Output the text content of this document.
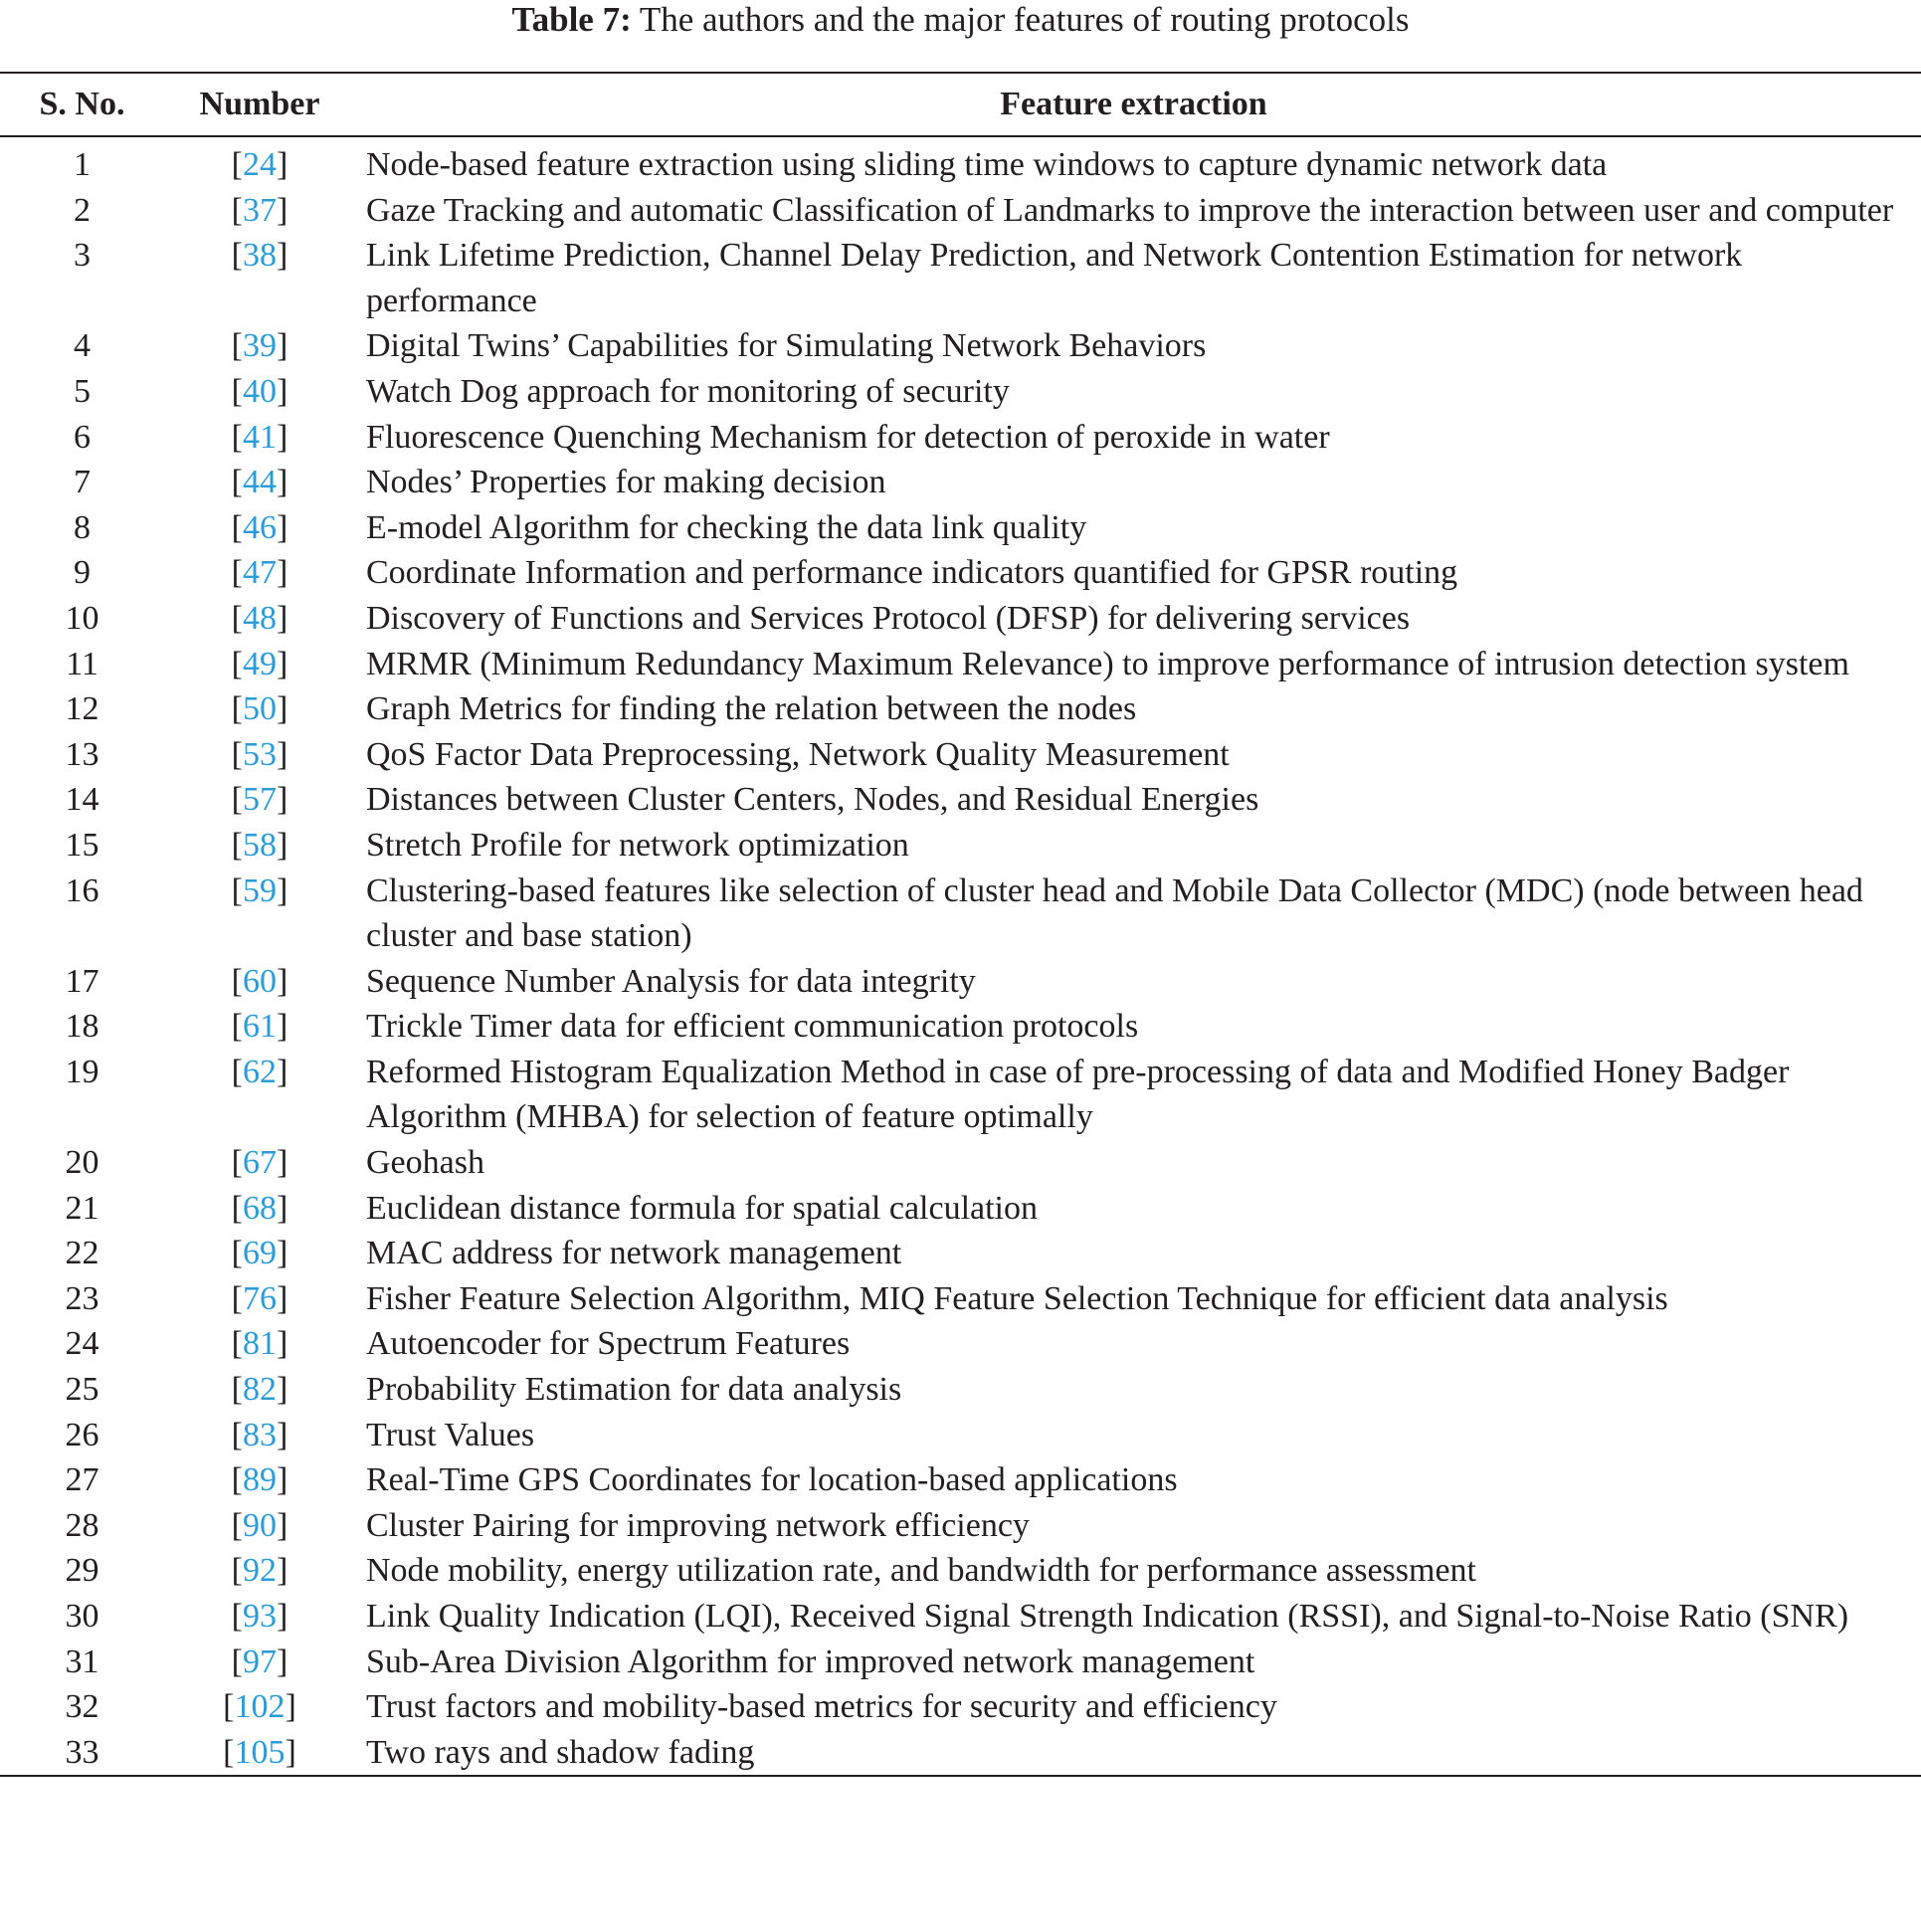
Table 7: The authors and the major features of routing protocols
S. No.	Number	Feature extraction
1	[24]	Node-based feature extraction using sliding time windows to capture dynamic network data
2	[37]	Gaze Tracking and automatic Classification of Landmarks to improve the interaction between user and computer
3	[38]	Link Lifetime Prediction, Channel Delay Prediction, and Network Contention Estimation for network performance
4	[39]	Digital Twins’ Capabilities for Simulating Network Behaviors
5	[40]	Watch Dog approach for monitoring of security
6	[41]	Fluorescence Quenching Mechanism for detection of peroxide in water
7	[44]	Nodes’ Properties for making decision
8	[46]	E-model Algorithm for checking the data link quality
9	[47]	Coordinate Information and performance indicators quantified for GPSR routing
10	[48]	Discovery of Functions and Services Protocol (DFSP) for delivering services
11	[49]	MRMR (Minimum Redundancy Maximum Relevance) to improve performance of intrusion detection system
12	[50]	Graph Metrics for finding the relation between the nodes
13	[53]	QoS Factor Data Preprocessing, Network Quality Measurement
14	[57]	Distances between Cluster Centers, Nodes, and Residual Energies
15	[58]	Stretch Profile for network optimization
16	[59]	Clustering-based features like selection of cluster head and Mobile Data Collector (MDC) (node between head cluster and base station)
17	[60]	Sequence Number Analysis for data integrity
18	[61]	Trickle Timer data for efficient communication protocols
19	[62]	Reformed Histogram Equalization Method in case of pre-processing of data and Modified Honey Badger Algorithm (MHBA) for selection of feature optimally
20	[67]	Geohash
21	[68]	Euclidean distance formula for spatial calculation
22	[69]	MAC address for network management
23	[76]	Fisher Feature Selection Algorithm, MIQ Feature Selection Technique for efficient data analysis
24	[81]	Autoencoder for Spectrum Features
25	[82]	Probability Estimation for data analysis
26	[83]	Trust Values
27	[89]	Real-Time GPS Coordinates for location-based applications
28	[90]	Cluster Pairing for improving network efficiency
29	[92]	Node mobility, energy utilization rate, and bandwidth for performance assessment
30	[93]	Link Quality Indication (LQI), Received Signal Strength Indication (RSSI), and Signal-to-Noise Ratio (SNR)
31	[97]	Sub-Area Division Algorithm for improved network management
32	[102]	Trust factors and mobility-based metrics for security and efficiency
33	[105]	Two rays and shadow fading
